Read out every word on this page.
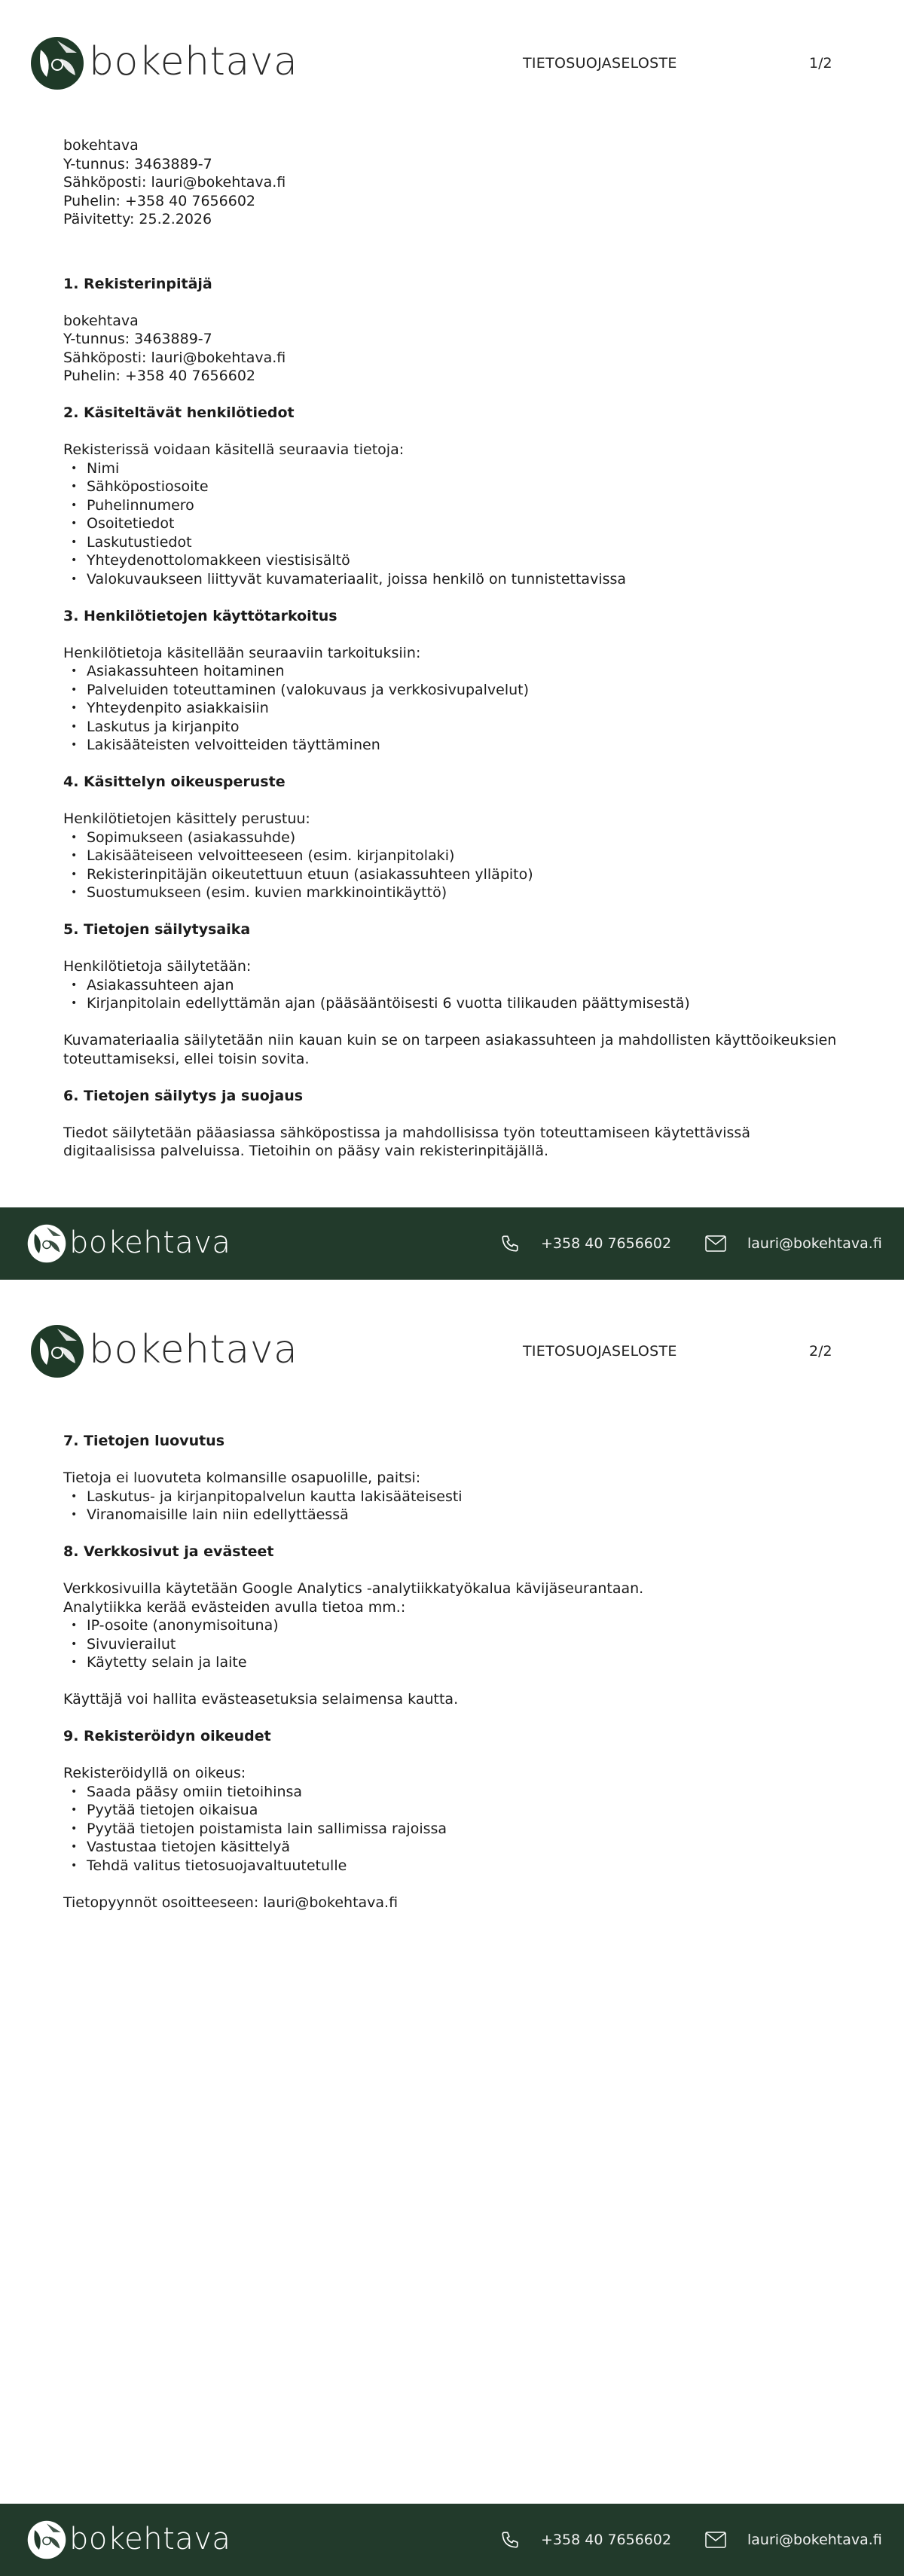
bokehtava	TIETOSUOJASELOSTE	1/2

bokehtava

Y-tunnus: 3463889-7

Sähköposti: lauri@bokehtava.fi

Puhelin: +358 40 7656602

Päivitetty: 25.2.2026

1. Rekisterinpitäjä

bokehtava

Y-tunnus: 3463889-7

Sähköposti: lauri@bokehtava.fi

Puhelin: +358 40 7656602

2. Käsiteltävät henkilötiedot

Rekisterissä voidaan käsitellä seuraavia tietoja:

• Nimi
• Sähköpostiosoite
• Puhelinnumero
• Osoitetiedot
• Laskutustiedot
• Yhteydenottolomakkeen viestisisältö
• Valokuvaukseen liittyvät kuvamateriaalit, joissa henkilö on tunnistettavissa
3. Henkilötietojen käyttötarkoitus

Henkilötietoja käsitellään seuraaviin tarkoituksiin:

• Asiakassuhteen hoitaminen
• Palveluiden toteuttaminen (valokuvaus ja verkkosivupalvelut)
• Yhteydenpito asiakkaisiin
• Laskutus ja kirjanpito
• Lakisääteisten velvoitteiden täyttäminen
4. Käsittelyn oikeusperuste

Henkilötietojen käsittely perustuu:

• Sopimukseen (asiakassuhde)
• Lakisääteiseen velvoitteeseen (esim. kirjanpitolaki)
• Rekisterinpitäjän oikeutettuun etuun (asiakassuhteen ylläpito)
• Suostumukseen (esim. kuvien markkinointikäyttö)
5. Tietojen säilytysaika

Henkilötietoja säilytetään:

• Asiakassuhteen ajan
• Kirjanpitolain edellyttämän ajan (pääsääntöisesti 6 vuotta tilikauden päättymisestä)

Kuvamateriaalia säilytetään niin kauan kuin se on tarpeen asiakassuhteen ja mahdollisten käyttöoikeuksien toteuttamiseksi, ellei toisin sovita.

6. Tietojen säilytys ja suojaus

Tiedot säilytetään pääasiassa sähköpostissa ja mahdollisissa työn toteuttamiseen käytettävissä digitaalisissa palveluissa. Tietoihin on pääsy vain rekisterinpitäjällä.

bokehtava	+358 40 7656602	lauri@bokehtava.fi
bokehtava	TIETOSUOJASELOSTE	2/2
7. Tietojen luovutus

Tietoja ei luovuteta kolmansille osapuolille, paitsi:

• Laskutus- ja kirjanpitopalvelun kautta lakisääteisesti
• Viranomaisille lain niin edellyttäessä
8. Verkkosivut ja evästeet

Verkkosivuilla käytetään Google Analytics -analytiikkatyökalua kävijäseurantaan.

Analytiikka kerää evästeiden avulla tietoa mm.:

• IP-osoite (anonymisoituna)
• Sivuvierailut
• Käytetty selain ja laite

Käyttäjä voi hallita evästeasetuksia selaimensa kautta.

9. Rekisteröidyn oikeudet

Rekisteröidyllä on oikeus:

• Saada pääsy omiin tietoihinsa
• Pyytää tietojen oikaisua
• Pyytää tietojen poistamista lain sallimissa rajoissa
• Vastustaa tietojen käsittelyä
• Tehdä valitus tietosuojavaltuutetulle

Tietopyynnöt osoitteeseen: lauri@bokehtava.fi

bokehtava	+358 40 7656602	lauri@bokehtava.fi
